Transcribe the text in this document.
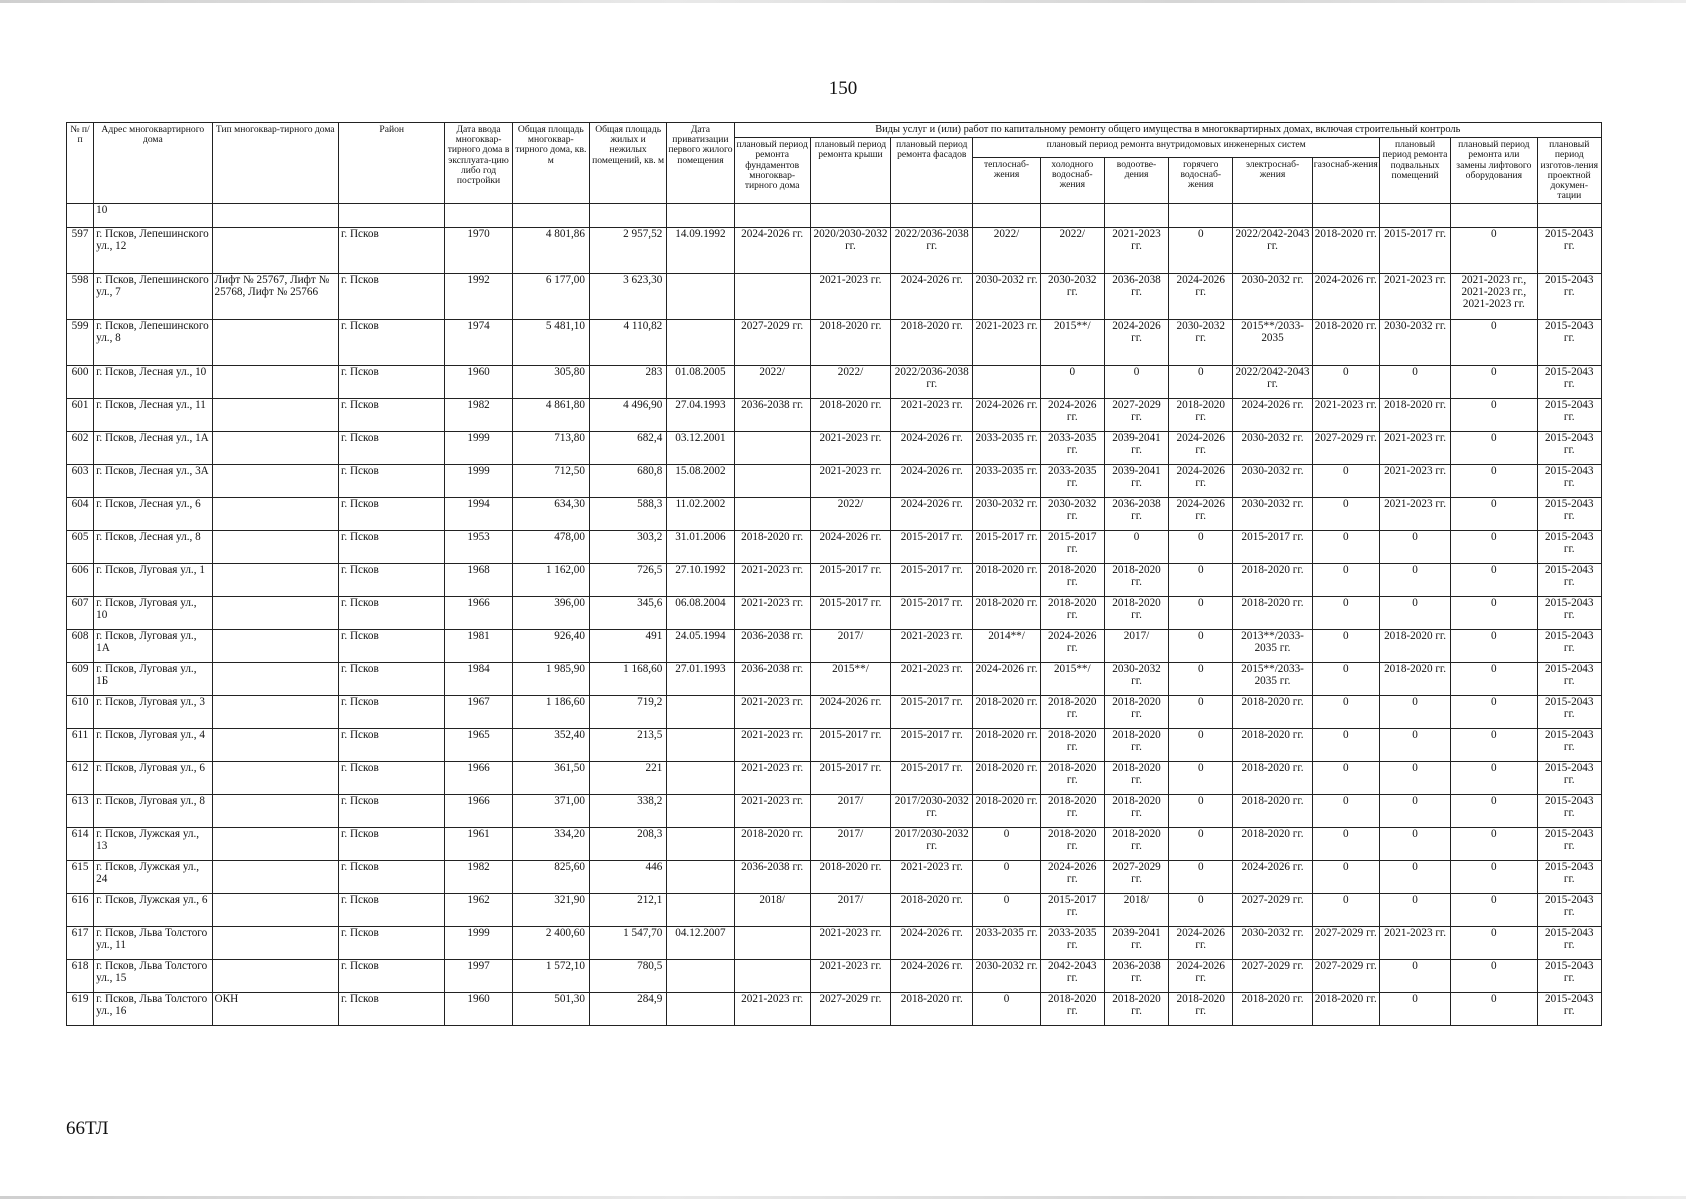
150
№ п/п	Адрес многоквартирного дома	Тип многоквар-тирного дома	Район	Дата ввода многоквар-тирного дома в эксплуата-цию либо год постройки	Общая площадь многоквар-тирного дома, кв. м	Общая площадь жилых и нежилых помещений, кв. м	Дата приватизации первого жилого помещения	Виды услуг и (или) работ по капитальному ремонту общего имущества в многоквартирных домах, включая строительный контроль											
								плановый период ремонта фундаментов многоквар-тирного дома	плановый период ремонта крыши	плановый период ремонта фасадов	плановый период ремонта внутридомовых инженерных систем						плановый период ремонта подвальных помещений	плановый период ремонта или замены лифтового оборудования	плановый период изготов-ления проектной докумен-тации
											теплоснаб-жения	холодного водоснаб-жения	водоотве-дения	горячего водоснаб-жения	электроснаб-жения	газоснаб-жения			
	10																		
597	г. Псков, Лепешинского ул., 12		г. Псков	1970	4 801,86	2 957,52	14.09.1992	2024-2026 гг.	2020/2030-2032 гг.	2022/2036-2038 гг.	2022/	2022/	2021-2023 гг.	0	2022/2042-2043 гг.	2018-2020 гг.	2015-2017 гг.	0	2015-2043 гг.
598	г. Псков, Лепешинского ул., 7	Лифт № 25767, Лифт № 25768, Лифт № 25766	г. Псков	1992	6 177,00	3 623,30			2021-2023 гг.	2024-2026 гг.	2030-2032 гг.	2030-2032 гг.	2036-2038 гг.	2024-2026 гг.	2030-2032 гг.	2024-2026 гг.	2021-2023 гг.	2021-2023 гг., 2021-2023 гг., 2021-2023 гг.	2015-2043 гг.
599	г. Псков, Лепешинского ул., 8		г. Псков	1974	5 481,10	4 110,82		2027-2029 гг.	2018-2020 гг.	2018-2020 гг.	2021-2023 гг.	2015**/	2024-2026 гг.	2030-2032 гг.	2015**/2033-2035	2018-2020 гг.	2030-2032 гг.	0	2015-2043 гг.
600	г. Псков, Лесная ул., 10		г. Псков	1960	305,80	283	01.08.2005	2022/	2022/	2022/2036-2038 гг.		0	0	0	2022/2042-2043 гг.	0	0	0	2015-2043 гг.
601	г. Псков, Лесная ул., 11		г. Псков	1982	4 861,80	4 496,90	27.04.1993	2036-2038 гг.	2018-2020 гг.	2021-2023 гг.	2024-2026 гг.	2024-2026 гг.	2027-2029 гг.	2018-2020 гг.	2024-2026 гг.	2021-2023 гг.	2018-2020 гг.	0	2015-2043 гг.
602	г. Псков, Лесная ул., 1А		г. Псков	1999	713,80	682,4	03.12.2001		2021-2023 гг.	2024-2026 гг.	2033-2035 гг.	2033-2035 гг.	2039-2041 гг.	2024-2026 гг.	2030-2032 гг.	2027-2029 гг.	2021-2023 гг.	0	2015-2043 гг.
603	г. Псков, Лесная ул., 3А		г. Псков	1999	712,50	680,8	15.08.2002		2021-2023 гг.	2024-2026 гг.	2033-2035 гг.	2033-2035 гг.	2039-2041 гг.	2024-2026 гг.	2030-2032 гг.	0	2021-2023 гг.	0	2015-2043 гг.
604	г. Псков, Лесная ул., 6		г. Псков	1994	634,30	588,3	11.02.2002		2022/	2024-2026 гг.	2030-2032 гг.	2030-2032 гг.	2036-2038 гг.	2024-2026 гг.	2030-2032 гг.	0	2021-2023 гг.	0	2015-2043 гг.
605	г. Псков, Лесная ул., 8		г. Псков	1953	478,00	303,2	31.01.2006	2018-2020 гг.	2024-2026 гг.	2015-2017 гг.	2015-2017 гг.	2015-2017 гг.	0	0	2015-2017 гг.	0	0	0	2015-2043 гг.
606	г. Псков, Луговая ул., 1		г. Псков	1968	1 162,00	726,5	27.10.1992	2021-2023 гг.	2015-2017 гг.	2015-2017 гг.	2018-2020 гг.	2018-2020 гг.	2018-2020 гг.	0	2018-2020 гг.	0	0	0	2015-2043 гг.
607	г. Псков, Луговая ул., 10		г. Псков	1966	396,00	345,6	06.08.2004	2021-2023 гг.	2015-2017 гг.	2015-2017 гг.	2018-2020 гг.	2018-2020 гг.	2018-2020 гг.	0	2018-2020 гг.	0	0	0	2015-2043 гг.
608	г. Псков, Луговая ул., 1А		г. Псков	1981	926,40	491	24.05.1994	2036-2038 гг.	2017/	2021-2023 гг.	2014**/	2024-2026 гг.	2017/	0	2013**/2033-2035 гг.	0	2018-2020 гг.	0	2015-2043 гг.
609	г. Псков, Луговая ул., 1Б		г. Псков	1984	1 985,90	1 168,60	27.01.1993	2036-2038 гг.	2015**/	2021-2023 гг.	2024-2026 гг.	2015**/	2030-2032 гг.	0	2015**/2033-2035 гг.	0	2018-2020 гг.	0	2015-2043 гг.
610	г. Псков, Луговая ул., 3		г. Псков	1967	1 186,60	719,2		2021-2023 гг.	2024-2026 гг.	2015-2017 гг.	2018-2020 гг.	2018-2020 гг.	2018-2020 гг.	0	2018-2020 гг.	0	0	0	2015-2043 гг.
611	г. Псков, Луговая ул., 4		г. Псков	1965	352,40	213,5		2021-2023 гг.	2015-2017 гг.	2015-2017 гг.	2018-2020 гг.	2018-2020 гг.	2018-2020 гг.	0	2018-2020 гг.	0	0	0	2015-2043 гг.
612	г. Псков, Луговая ул., 6		г. Псков	1966	361,50	221		2021-2023 гг.	2015-2017 гг.	2015-2017 гг.	2018-2020 гг.	2018-2020 гг.	2018-2020 гг.	0	2018-2020 гг.	0	0	0	2015-2043 гг.
613	г. Псков, Луговая ул., 8		г. Псков	1966	371,00	338,2		2021-2023 гг.	2017/	2017/2030-2032 гг.	2018-2020 гг.	2018-2020 гг.	2018-2020 гг.	0	2018-2020 гг.	0	0	0	2015-2043 гг.
614	г. Псков, Лужская ул., 13		г. Псков	1961	334,20	208,3		2018-2020 гг.	2017/	2017/2030-2032 гг.	0	2018-2020 гг.	2018-2020 гг.	0	2018-2020 гг.	0	0	0	2015-2043 гг.
615	г. Псков, Лужская ул., 24		г. Псков	1982	825,60	446		2036-2038 гг.	2018-2020 гг.	2021-2023 гг.	0	2024-2026 гг.	2027-2029 гг.	0	2024-2026 гг.	0	0	0	2015-2043 гг.
616	г. Псков, Лужская ул., 6		г. Псков	1962	321,90	212,1		2018/	2017/	2018-2020 гг.	0	2015-2017 гг.	2018/	0	2027-2029 гг.	0	0	0	2015-2043 гг.
617	г. Псков, Льва Толстого ул., 11		г. Псков	1999	2 400,60	1 547,70	04.12.2007		2021-2023 гг.	2024-2026 гг.	2033-2035 гг.	2033-2035 гг.	2039-2041 гг.	2024-2026 гг.	2030-2032 гг.	2027-2029 гг.	2021-2023 гг.	0	2015-2043 гг.
618	г. Псков, Льва Толстого ул., 15		г. Псков	1997	1 572,10	780,5			2021-2023 гг.	2024-2026 гг.	2030-2032 гг.	2042-2043 гг.	2036-2038 гг.	2024-2026 гг.	2027-2029 гг.	2027-2029 гг.	0	0	2015-2043 гг.
619	г. Псков, Льва Толстого ул., 16	ОКН	г. Псков	1960	501,30	284,9		2021-2023 гг.	2027-2029 гг.	2018-2020 гг.	0	2018-2020 гг.	2018-2020 гг.	2018-2020 гг.	2018-2020 гг.	2018-2020 гг.	0	0	2015-2043 гг.
66ТЛ
